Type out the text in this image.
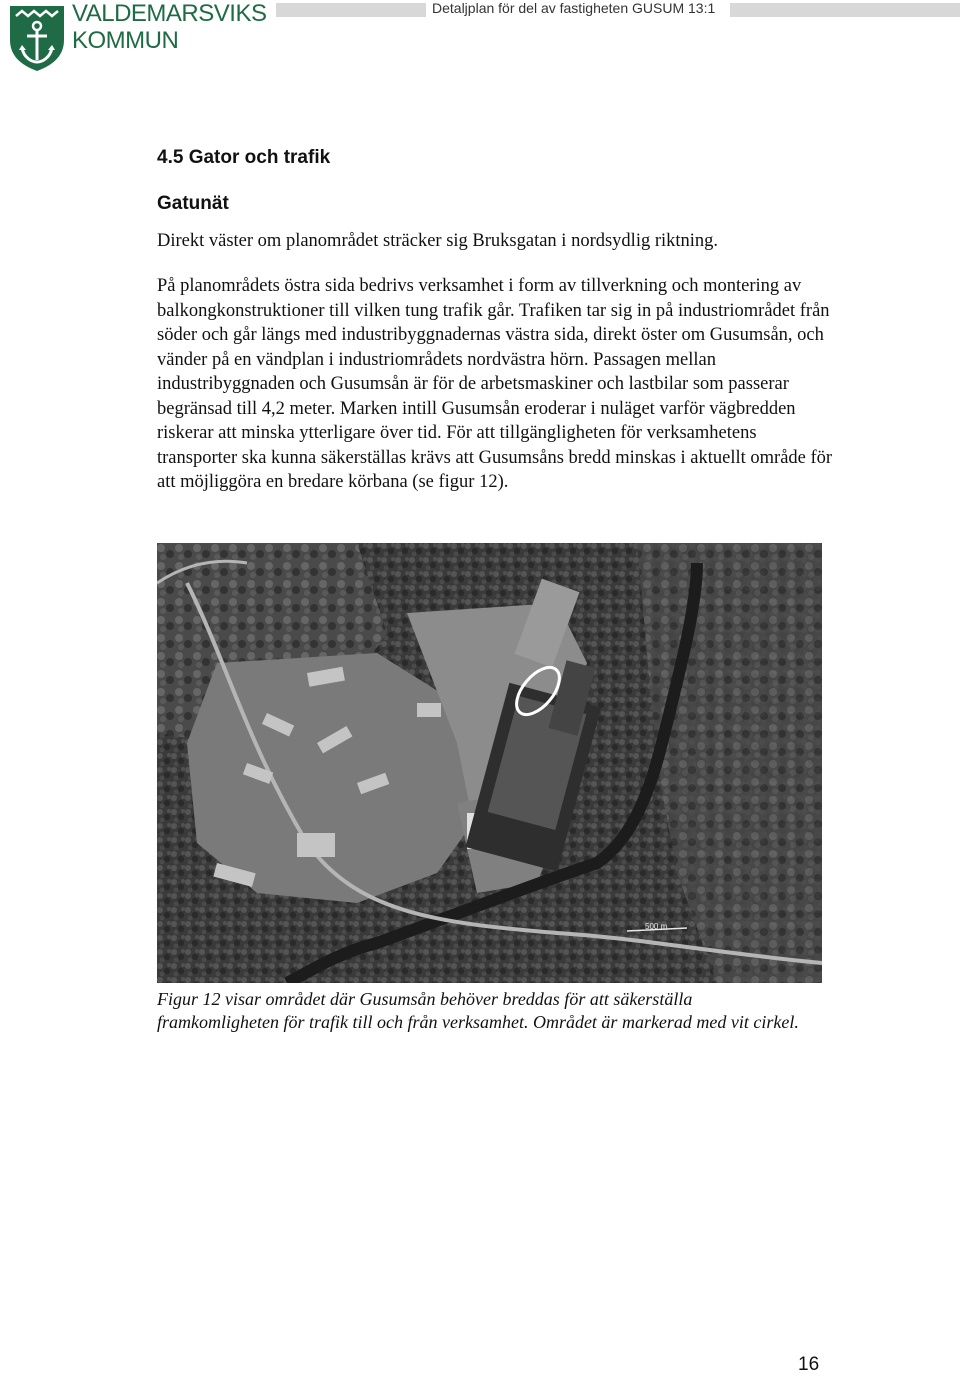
VALDEMARSVIKS
KOMMUN
Detaljplan för del av fastigheten GUSUM 13:1
4.5 Gator och trafik
Gatunät

Direkt väster om planområdet sträcker sig Bruksgatan i nordsydlig riktning.

På planområdets östra sida bedrivs verksamhet i form av tillverkning och montering av balkongkonstruktioner till vilken tung trafik går. Trafiken tar sig in på industriområdet från söder och går längs med industribyggnadernas västra sida, direkt öster om Gusumsån, och vänder på en vändplan i industriområdets nordvästra hörn. Passagen mellan industribyggnaden och Gusumsån är för de arbetsmaskiner och lastbilar som passerar begränsad till 4,2 meter. Marken intill Gusumsån eroderar i nuläget varför vägbredden riskerar att minska ytterligare över tid. För att tillgängligheten för verksamhetens transporter ska kunna säkerställas krävs att Gusumsåns bredd minskas i aktuellt område för att möjliggöra en bredare körbana (se figur 12).

500 m

Figur 12 visar området där Gusumsån behöver breddas för att säkerställa framkomligheten för trafik till och från verksamhet. Området är markerad med vit cirkel.

16
